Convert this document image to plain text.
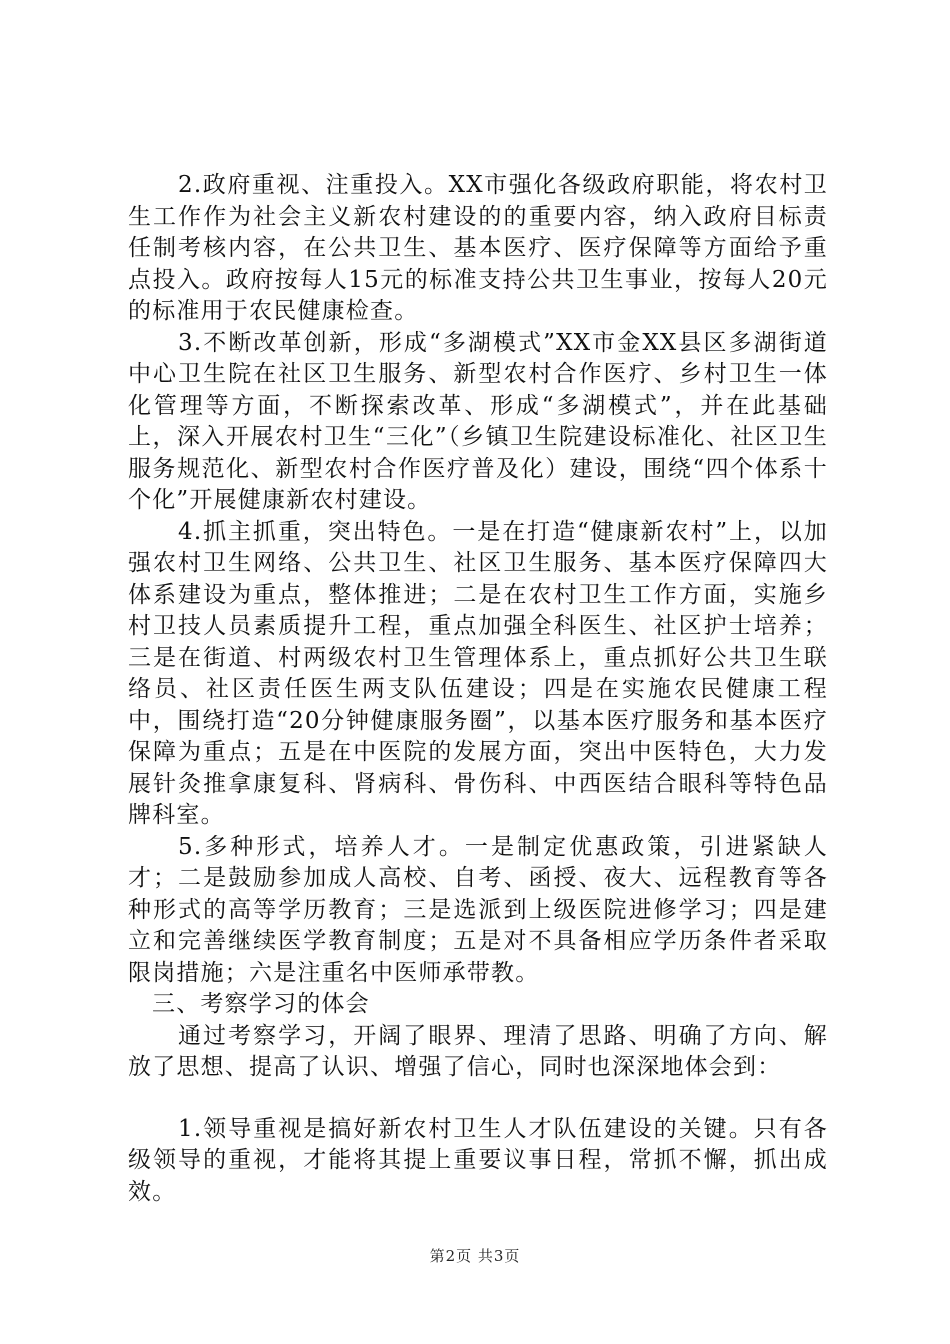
2.政府重视、注重投入。XX市强化各级政府职能，将农村卫生工作作为社会主义新农村建设的的重要内容，纳入政府目标责任制考核内容，在公共卫生、基本医疗、医疗保障等方面给予重点投入。政府按每人15元的标准支持公共卫生事业，按每人20元的标准用于农民健康检查。

3.不断改革创新，形成“多湖模式”XX市金XX县区多湖街道中心卫生院在社区卫生服务、新型农村合作医疗、乡村卫生一体化管理等方面，不断探索改革、形成“多湖模式”，并在此基础上，深入开展农村卫生“三化”（乡镇卫生院建设标准化、社区卫生服务规范化、新型农村合作医疗普及化）建设，围绕“四个体系十个化”开展健康新农村建设。

4.抓主抓重，突出特色。一是在打造“健康新农村”上，以加强农村卫生网络、公共卫生、社区卫生服务、基本医疗保障四大体系建设为重点，整体推进；二是在农村卫生工作方面，实施乡村卫技人员素质提升工程，重点加强全科医生、社区护士培养；三是在街道、村两级农村卫生管理体系上，重点抓好公共卫生联络员、社区责任医生两支队伍建设；四是在实施农民健康工程中，围绕打造“20分钟健康服务圈”，以基本医疗服务和基本医疗保障为重点；五是在中医院的发展方面，突出中医特色，大力发展针灸推拿康复科、肾病科、骨伤科、中西医结合眼科等特色品牌科室。

5.多种形式，培养人才。一是制定优惠政策，引进紧缺人才；二是鼓励参加成人高校、自考、函授、夜大、远程教育等各种形式的高等学历教育；三是选派到上级医院进修学习；四是建立和完善继续医学教育制度；五是对不具备相应学历条件者采取限岗措施；六是注重名中医师承带教。

三、考察学习的体会

通过考察学习，开阔了眼界、理清了思路、明确了方向、解放了思想、提高了认识、增强了信心，同时也深深地体会到：

1.领导重视是搞好新农村卫生人才队伍建设的关键。只有各级领导的重视，才能将其提上重要议事日程，常抓不懈，抓出成效。

第2页 共3页
